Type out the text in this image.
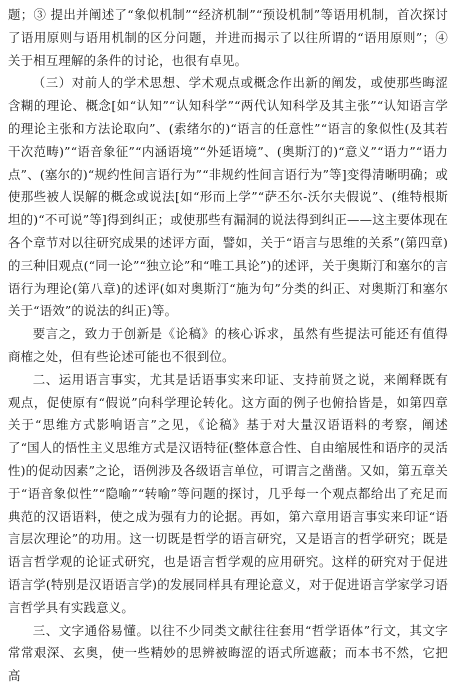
题；③ 提出并阐述了“象似机制”“经济机制”“预设机制”等语用机制，首次探讨了语用原则与语用机制的区分问题，并进而揭示了以往所谓的“语用原则”；④ 关于相互理解的条件的讨论，也很有卓见。

（三）对前人的学术思想、学术观点或概念作出新的阐发，或使那些晦涩含糊的理论、概念[如“认知”“认知科学”“两代认知科学及其主张”“认知语言学的理论主张和方法论取向”、(索绪尔的)“语言的任意性”“语言的象似性(及其若干次范畴)”“语音象征”“内涵语境”“外延语境”、(奥斯汀的)“意义”“语力”“语力点”、(塞尔的)“规约性间言语行为”“非规约性间言语行为”等]变得清晰明确；或使那些被人误解的概念或说法[如“形而上学”“萨丕尔-沃尔夫假说”、(维特根斯坦的)“不可说”等]得到纠正；或使那些有漏洞的说法得到纠正——这主要体现在各个章节对以往研究成果的述评方面，譬如，关于“语言与思维的关系”(第四章)的三种旧观点(“同一论”“独立论”和“唯工具论”)的述评，关于奥斯汀和塞尔的言语行为理论(第八章)的述评(如对奥斯汀“施为句”分类的纠正、对奥斯汀和塞尔关于“语效”的说法的纠正)等。

要言之，致力于创新是《论稿》的核心诉求，虽然有些提法可能还有值得商榷之处，但有些论述可能也不很到位。

二、运用语言事实，尤其是话语事实来印证、支持前贤之说，来阐释既有观点，促使原有“假说”向科学理论转化。这方面的例子也俯拾皆是，如第四章关于“思维方式影响语言”之见，《论稿》基于对大量汉语语料的考察，阐述了“国人的悟性主义思维方式是汉语特征(整体意合性、自由缩展性和语序的灵活性)的促动因素”之论，语例涉及各级语言单位，可谓言之凿凿。又如，第五章关于“语音象似性”“隐喻”“转喻”等问题的探讨，几乎每一个观点都给出了充足而典范的汉语语料，使之成为强有力的论据。再如，第六章用语言事实来印证“语言层次理论”的功用。这一切既是哲学的语言研究，又是语言的哲学研究；既是语言哲学观的论证式研究，也是语言哲学观的应用研究。这样的研究对于促进语言学(特别是汉语语言学)的发展同样具有理论意义，对于促进语言学家学习语言哲学具有实践意义。

三、文字通俗易懂。以往不少同类文献往往套用“哲学语体”行文，其文字常常艰深、玄奥，使一些精妙的思辨被晦涩的语式所遮蔽；而本书不然，它把高
